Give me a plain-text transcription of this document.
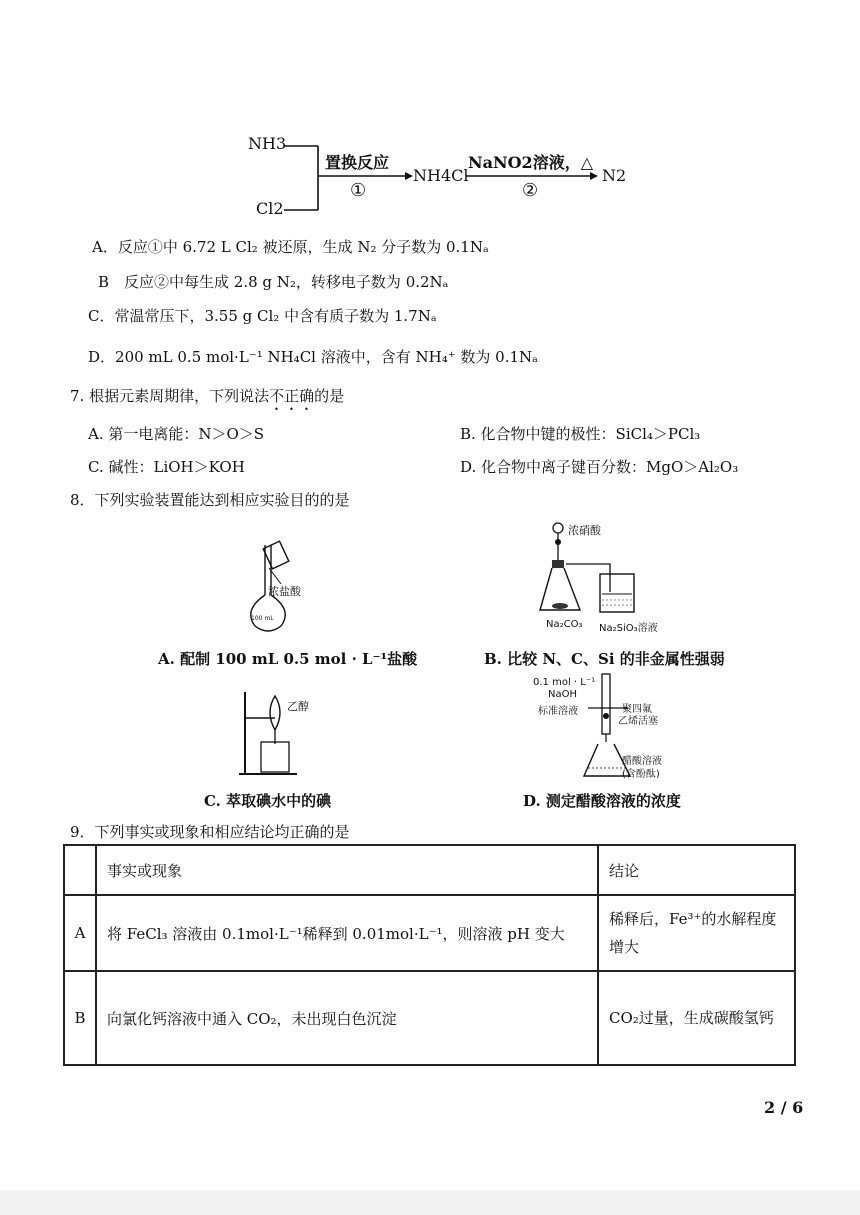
NH3
Cl2
置换反应
①
NH4Cl
NaNO2溶液，△
②
N2
A．反应①中 6.72 L Cl₂ 被还原，生成 N₂ 分子数为 0.1Nₐ
B　反应②中每生成 2.8 g N₂，转移电子数为 0.2Nₐ
C．常温常压下，3.55 g Cl₂ 中含有质子数为 1.7Nₐ
D．200 mL 0.5 mol·L⁻¹ NH₄Cl 溶液中，含有 NH₄⁺ 数为 0.1Nₐ
7. 根据元素周期律，下列说法不正确的是
A. 第一电离能：N＞O＞S	B. 化合物中键的极性：SiCl₄＞PCl₃
C. 碱性：LiOH＞KOH	D. 化合物中离子键百分数：MgO＞Al₂O₃
8．下列实验装置能达到相应实验目的的是
浓盐酸
100 mL
A. 配制 100 mL 0.5 mol · L⁻¹盐酸
浓硝酸
Na₂CO₃ Na₂SiO₃溶液
B. 比较 N、C、Si 的非金属性强弱
乙醇
C. 萃取碘水中的碘
0.1 mol · L⁻¹
NaOH
标准溶液	聚四氟
乙烯活塞
醋酸溶液
(含酚酞)
D. 测定醋酸溶液的浓度
9．下列事实或现象和相应结论均正确的是
	事实或现象	结论
A	将 FeCl₃ 溶液由 0.1mol·L⁻¹稀释到 0.01mol·L⁻¹，则溶液 pH 变大	稀释后，Fe³⁺的水解程度增大
B	向氯化钙溶液中通入 CO₂，未出现白色沉淀	CO₂过量，生成碳酸氢钙
2 / 6
